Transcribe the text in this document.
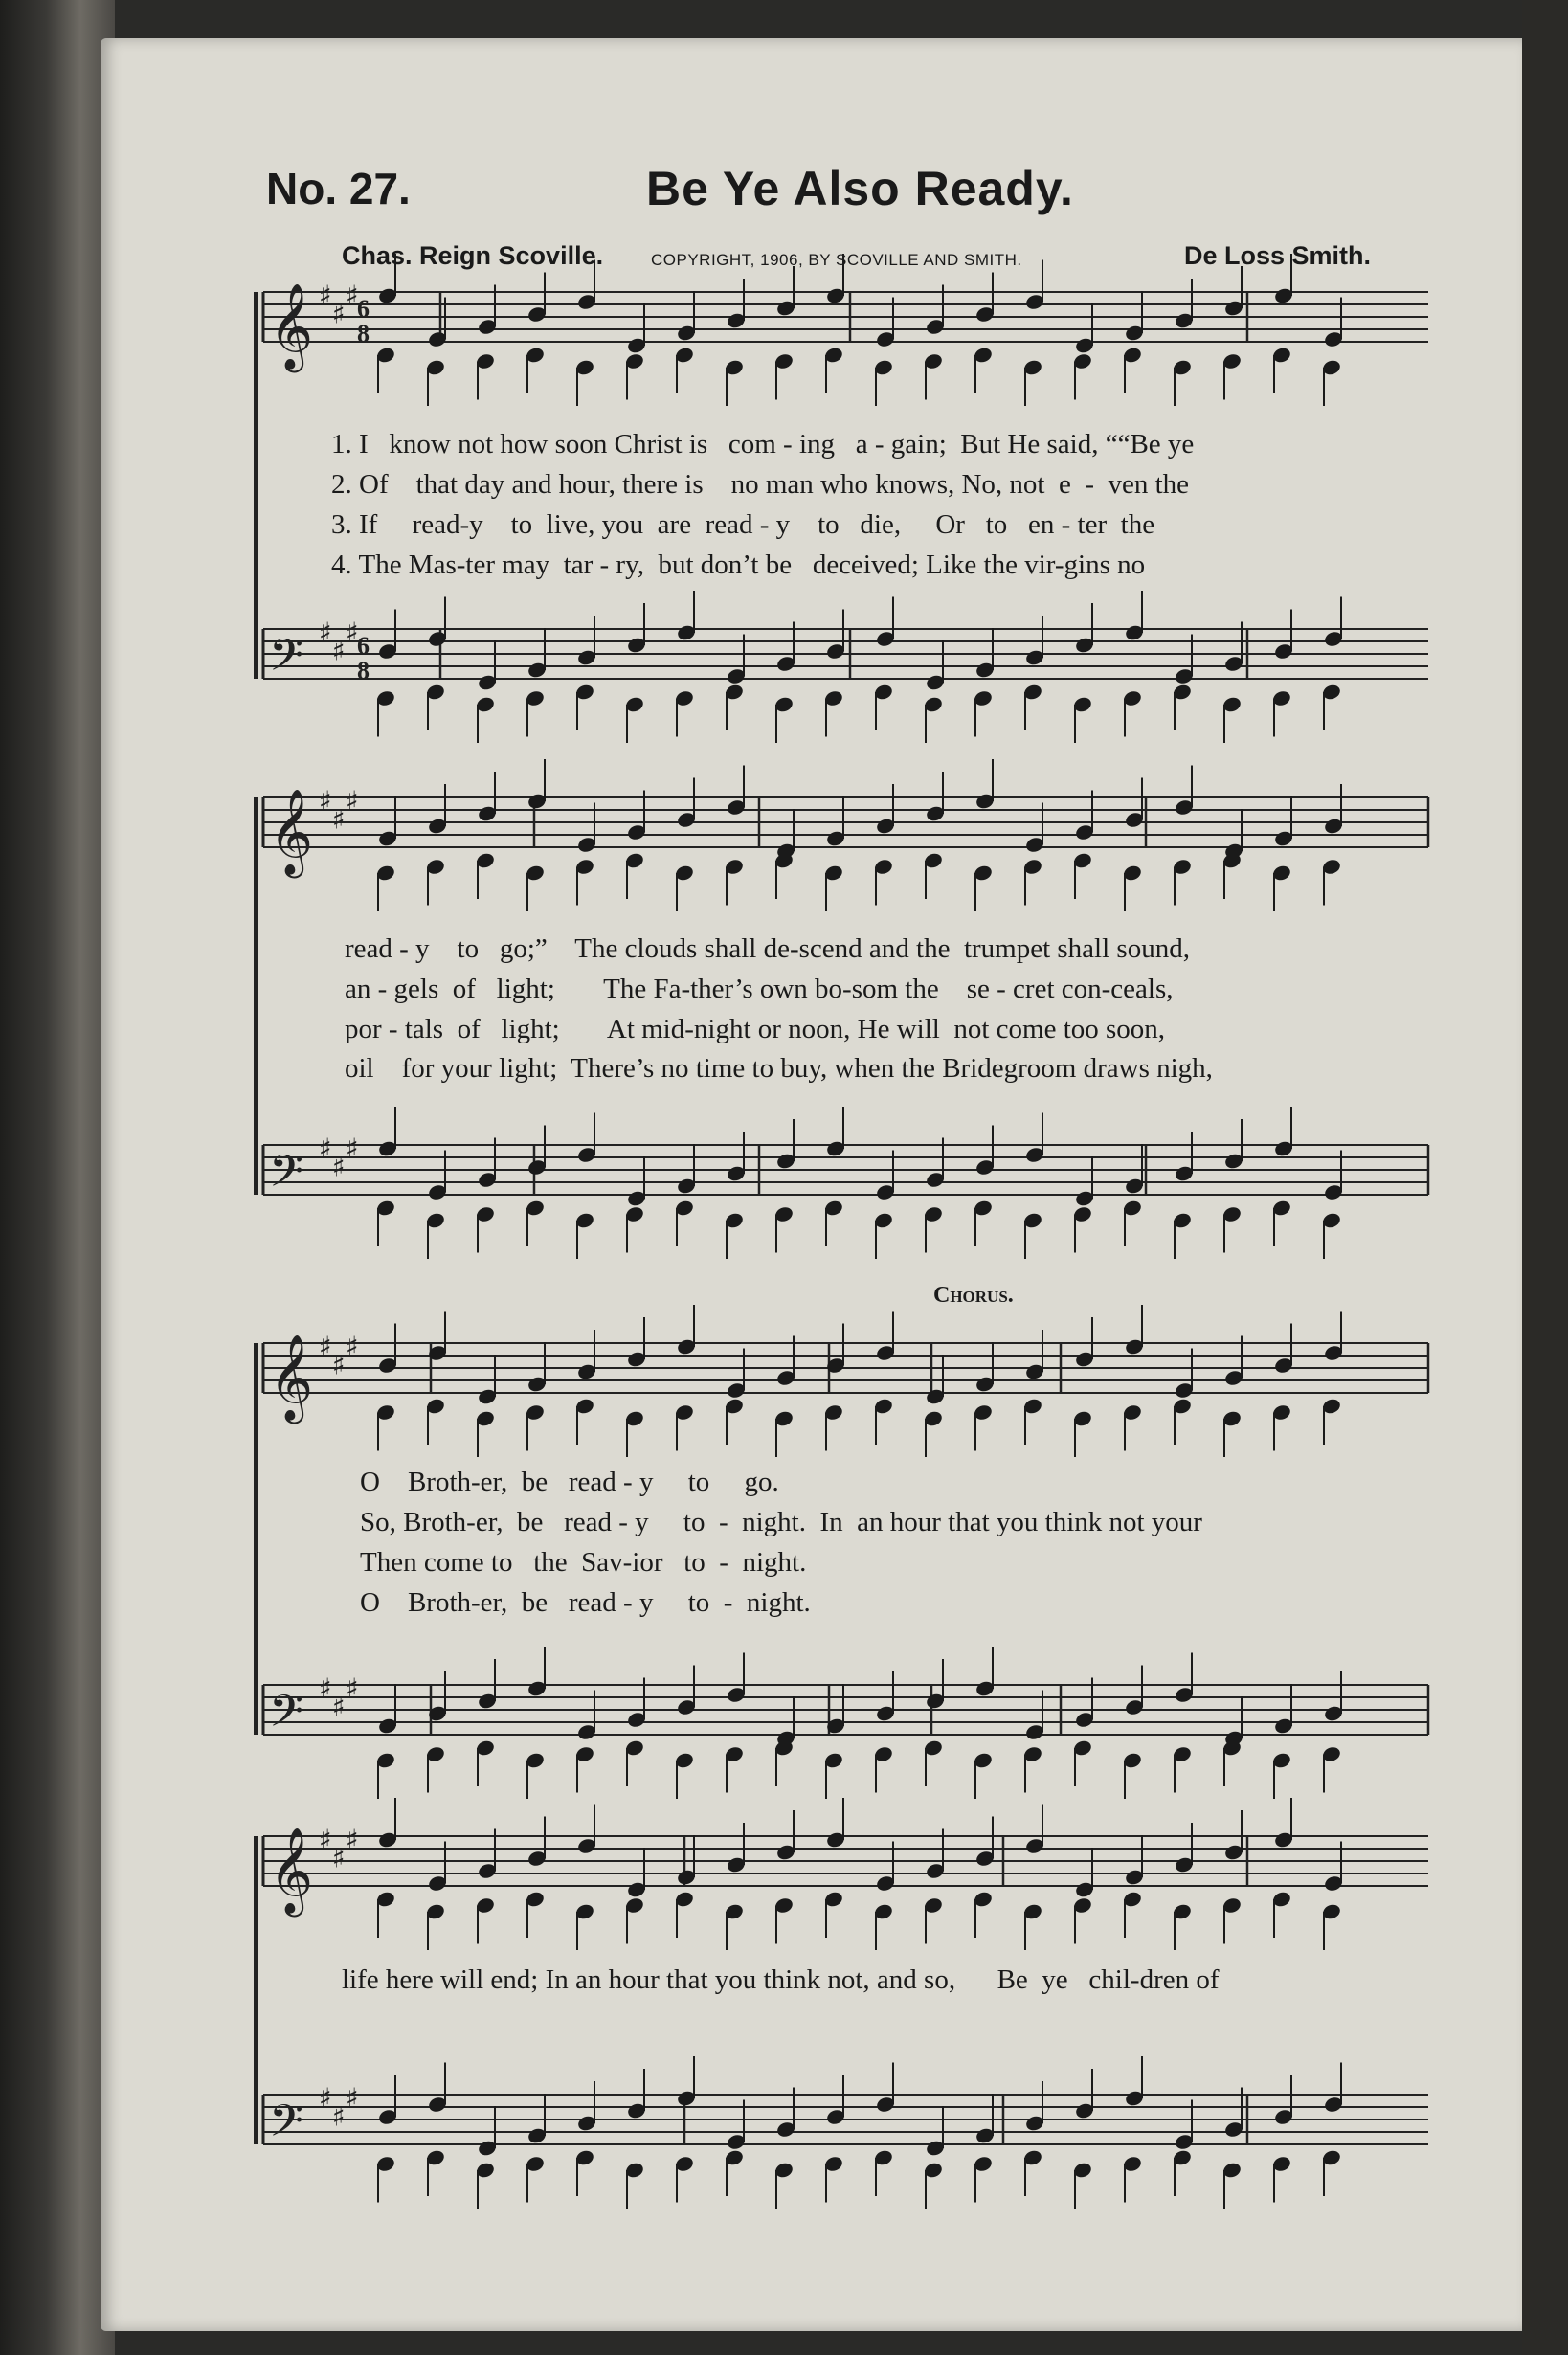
No. 27.	Be Ye Also Ready.
Chas. Reign Scoville.	COPYRIGHT, 1906, BY SCOVILLE AND SMITH.	De Loss Smith.
𝄞 ♯
♯
♯
𝄢 ♯
♯
♯
𝄞 ♯
♯
♯
𝄢 ♯
♯
♯
𝄞 ♯
♯
♯
𝄢 ♯
♯
♯
𝄞 ♯
♯
♯
𝄢 ♯
♯
♯
6
8
6
8
Chorus.
1. I   know not how soon Christ is   com - ing   a - gain;  But He said, ““Be ye
2. Of    that day and hour, there is    no man who knows, No, not  e  -  ven the
3. If     read-y    to  live, you  are  read - y    to   die,     Or   to   en - ter  the
4. The Mas-ter may  tar - ry,  but don’t be   deceived; Like the vir-gins no
read - y    to   go;”    The clouds shall de-scend and the  trumpet shall sound,
an - gels  of   light;       The Fa-ther’s own bo-som the    se - cret con-ceals,
por - tals  of   light;       At mid-night or noon, He will  not come too soon,
oil    for your light;  There’s no time to buy, when the Bridegroom draws nigh,
O    Broth-er,  be   read - y     to     go.
So, Broth-er,  be   read - y     to  -  night.  In  an hour that you think not your
Then come to   the  Sav-ior   to  -  night.
O    Broth-er,  be   read - y     to  -  night.
life here will end; In an hour that you think not, and so,      Be  ye   chil-dren of
